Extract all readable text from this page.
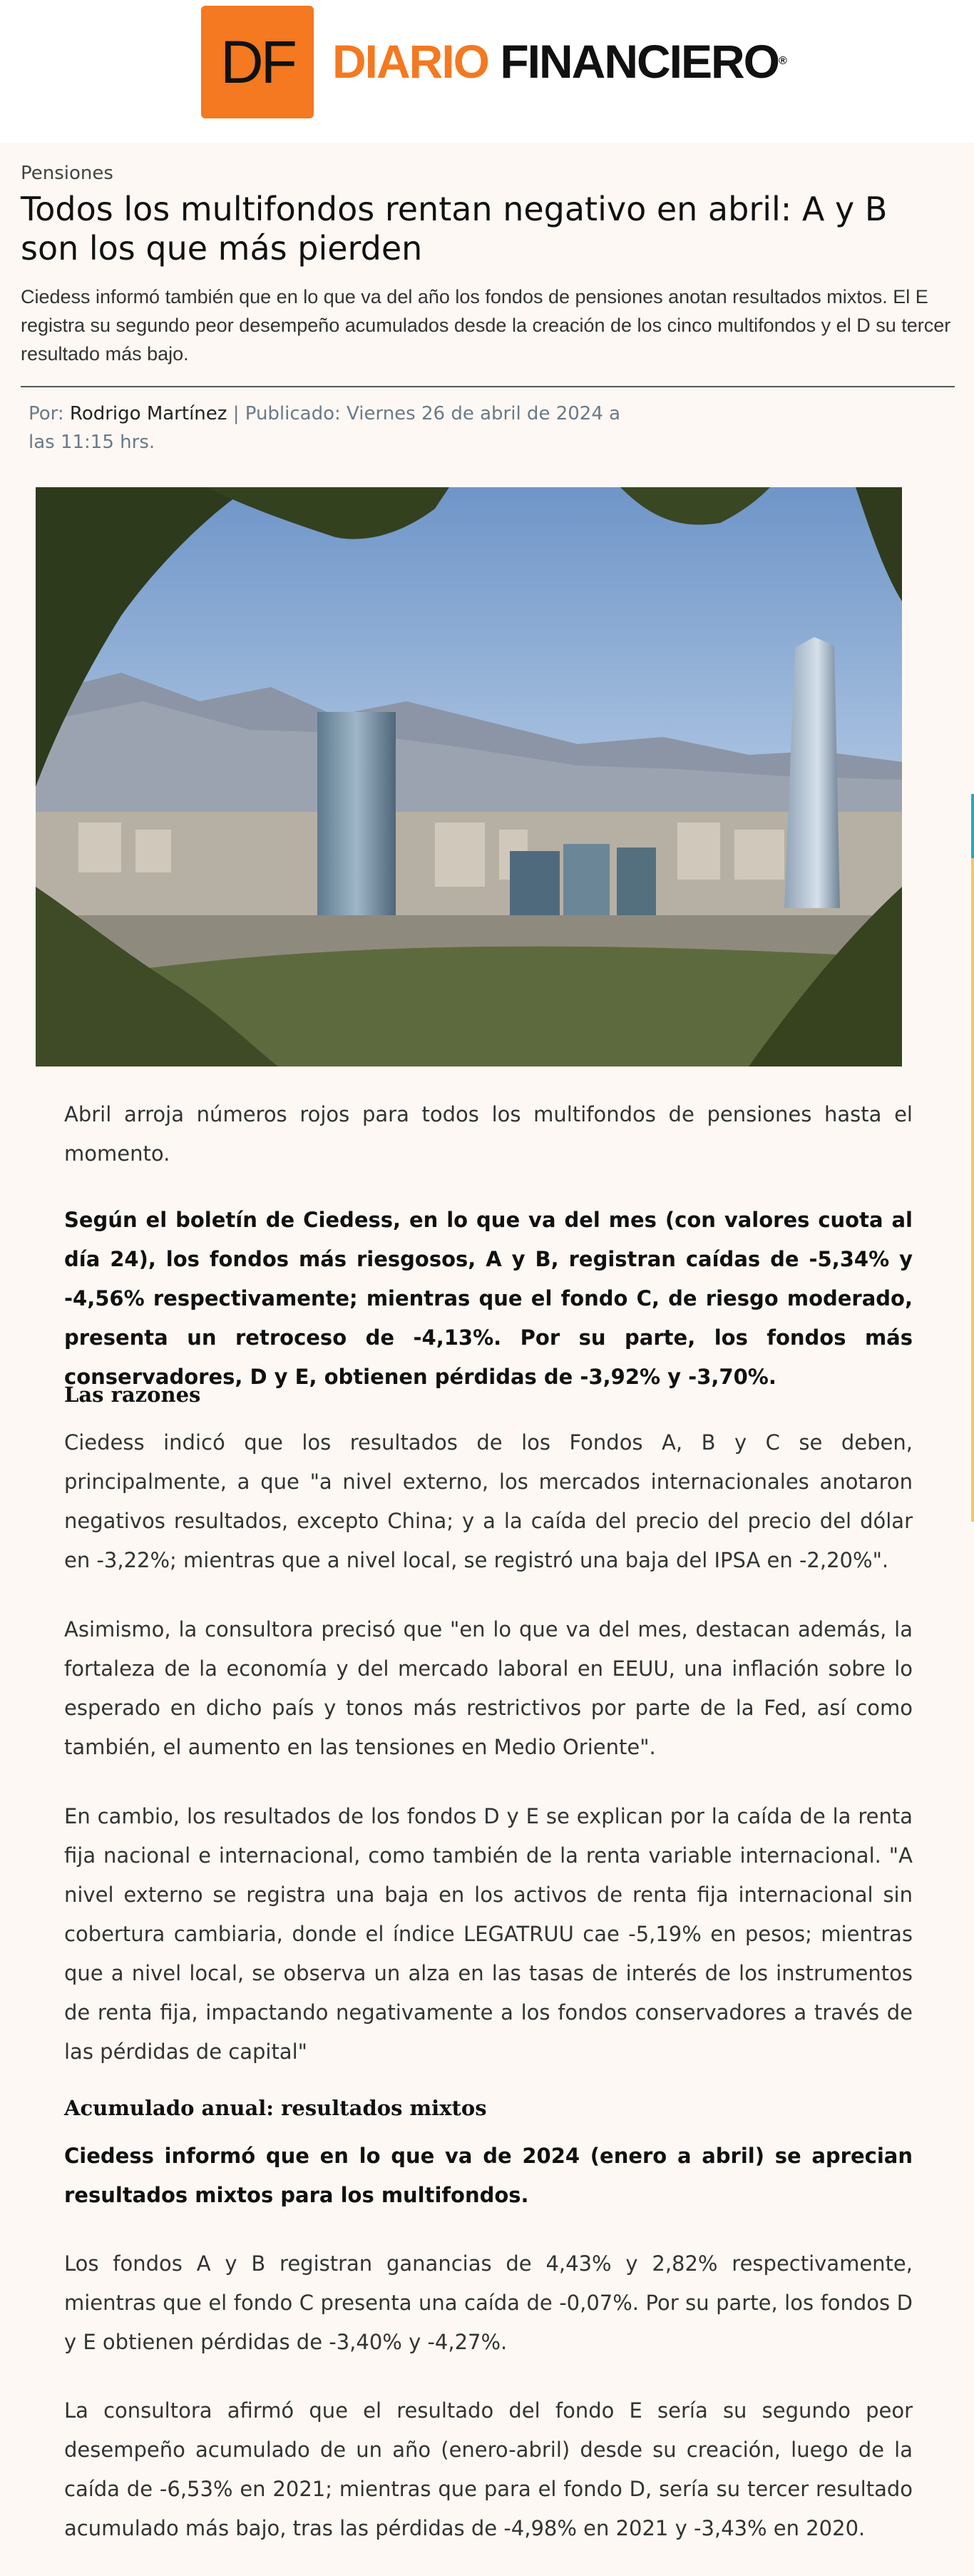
DF DIARIO FINANCIERO®
Pensiones
Todos los multifondos rentan negativo en abril: A y B son los que más pierden

Ciedess informó también que en lo que va del año los fondos de pensiones anotan resultados mixtos. El E registra su segundo peor desempeño acumulados desde la creación de los cinco multifondos y el D su tercer resultado más bajo.

Por: Rodrigo Martínez | Publicado: Viernes 26 de abril de 2024 a las 11:15 hrs.

Abril arroja números rojos para todos los multifondos de pensiones hasta el momento.

Según el boletín de Ciedess, en lo que va del mes (con valores cuota al día 24), los fondos más riesgosos, A y B, registran caídas de -5,34% y -4,56% respectivamente; mientras que el fondo C, de riesgo moderado, presenta un retroceso de -4,13%. Por su parte, los fondos más conservadores, D y E, obtienen pérdidas de -3,92% y -3,70%.

Las razones

Ciedess indicó que los resultados de los Fondos A, B y C se deben, principalmente, a que "a nivel externo, los mercados internacionales anotaron negativos resultados, excepto China; y a la caída del precio del precio del dólar en -3,22%; mientras que a nivel local, se registró una baja del IPSA en -2,20%".

Asimismo, la consultora precisó que "en lo que va del mes, destacan además, la fortaleza de la economía y del mercado laboral en EEUU, una inflación sobre lo esperado en dicho país y tonos más restrictivos por parte de la Fed, así como también, el aumento en las tensiones en Medio Oriente".

En cambio, los resultados de los fondos D y E se explican por la caída de la renta fija nacional e internacional, como también de la renta variable internacional. "A nivel externo se registra una baja en los activos de renta fija internacional sin cobertura cambiaria, donde el índice LEGATRUU cae -5,19% en pesos; mientras que a nivel local, se observa un alza en las tasas de interés de los instrumentos de renta fija, impactando negativamente a los fondos conservadores a través de las pérdidas de capital"

Acumulado anual: resultados mixtos

Ciedess informó que en lo que va de 2024 (enero a abril) se aprecian resultados mixtos para los multifondos.

Los fondos A y B registran ganancias de 4,43% y 2,82% respectivamente, mientras que el fondo C presenta una caída de -0,07%. Por su parte, los fondos D y E obtienen pérdidas de -3,40% y -4,27%.

La consultora afirmó que el resultado del fondo E sería su segundo peor desempeño acumulado de un año (enero-abril) desde su creación, luego de la caída de -6,53% en 2021; mientras que para el fondo D, sería su tercer resultado acumulado más bajo, tras las pérdidas de -4,98% en 2021 y -3,43% en 2020.
